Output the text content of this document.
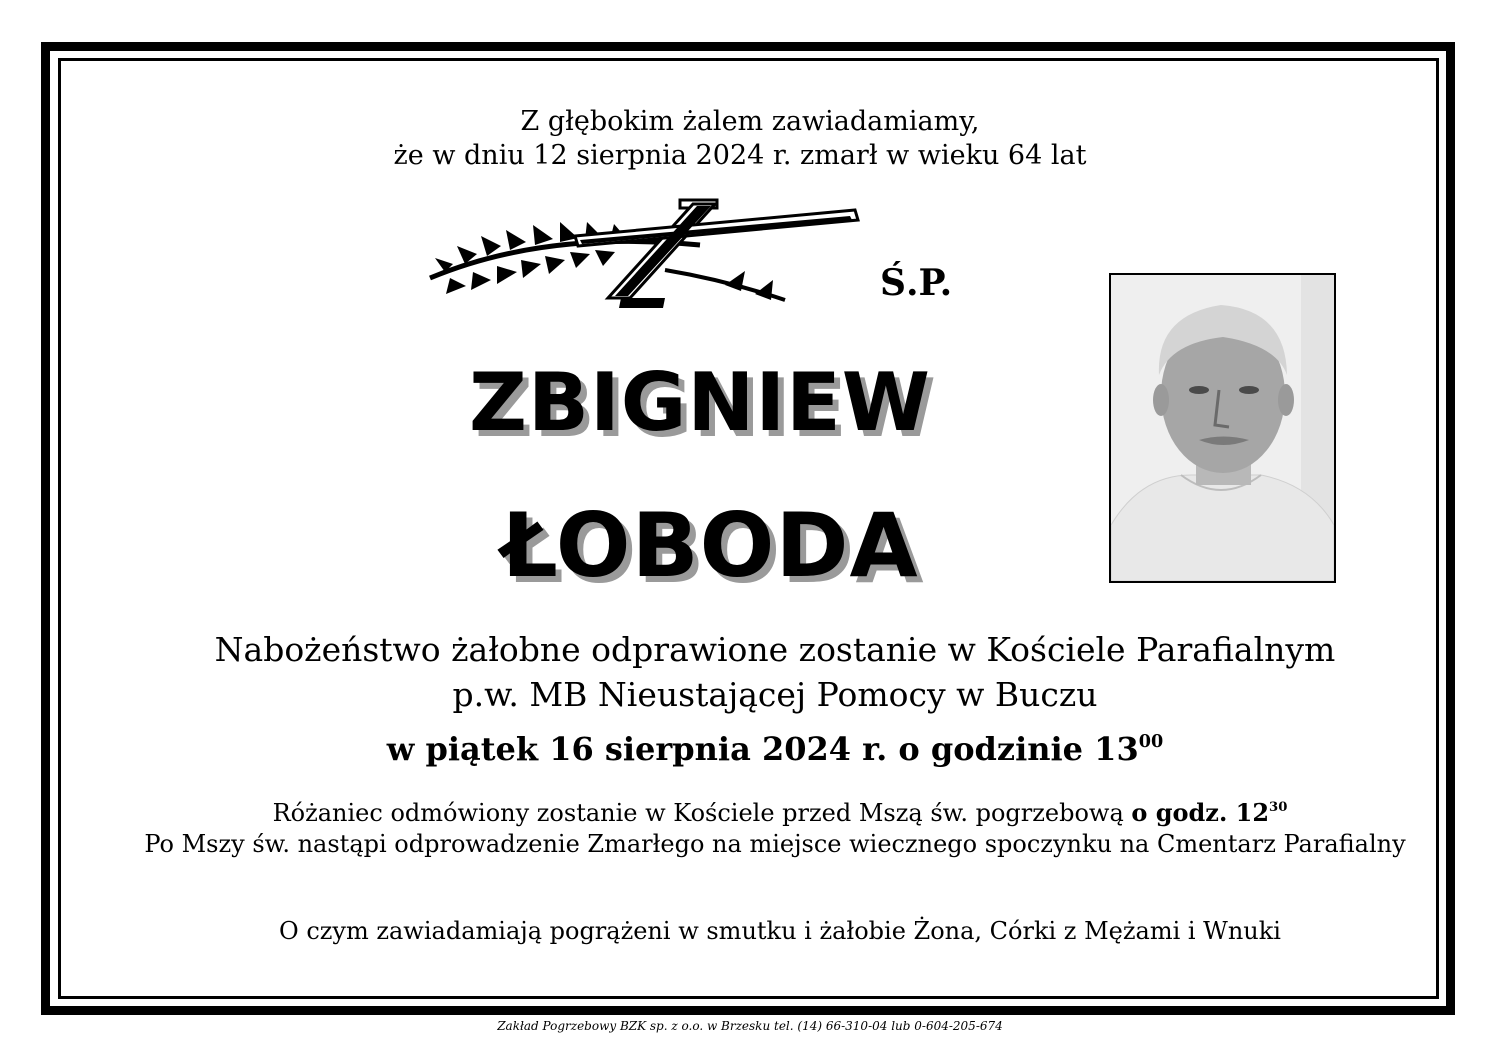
Z głębokim żalem zawiadamiamy,
że w dniu 12 sierpnia 2024 r. zmarł w wieku 64 lat
Ś.P.
ZBIGNIEW
ŁOBODA
Nabożeństwo żałobne odprawione zostanie w Kościele Parafialnym
p.w. MB Nieustającej Pomocy w Buczu
w piątek 16 sierpnia 2024 r. o godzinie $13^{00}$
Różaniec odmówiony zostanie w Kościele przed Mszą św. pogrzebową o godz. $12^{30}$
Po Mszy św. nastąpi odprowadzenie Zmarłego na miejsce wiecznego spoczynku na Cmentarz Parafialny
O czym zawiadamiają pogrążeni w smutku i żałobie Żona, Córki z Mężami i Wnuki
Zakład Pogrzebowy BZK sp. z o.o. w Brzesku tel. (14) 66-310-04 lub 0-604-205-674
